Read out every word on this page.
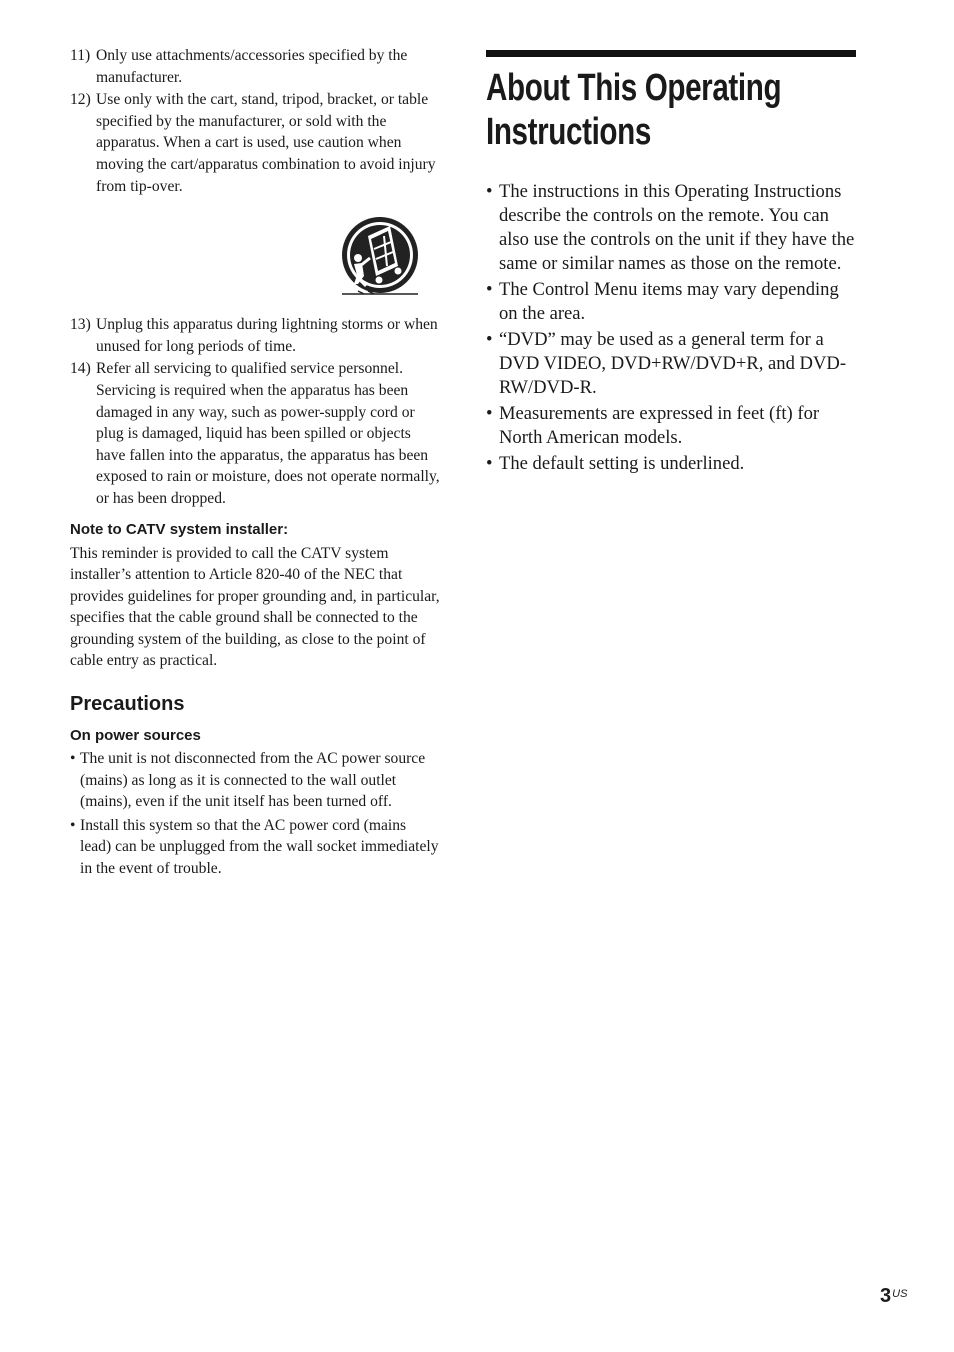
11) Only use attachments/accessories specified by the manufacturer.
12) Use only with the cart, stand, tripod, bracket, or table specified by the manufacturer, or sold with the apparatus. When a cart is used, use caution when moving the cart/apparatus combination to avoid injury from tip-over.
13) Unplug this apparatus during lightning storms or when unused for long periods of time.
14) Refer all servicing to qualified service personnel. Servicing is required when the apparatus has been damaged in any way, such as power-supply cord or plug is damaged, liquid has been spilled or objects have fallen into the apparatus, the apparatus has been exposed to rain or moisture, does not operate normally, or has been dropped.
Note to CATV system installer:

This reminder is provided to call the CATV system installer’s attention to Article 820-40 of the NEC that provides guidelines for proper grounding and, in particular, specifies that the cable ground shall be connected to the grounding system of the building, as close to the point of cable entry as practical.

Precautions
On power sources
• The unit is not disconnected from the AC power source (mains) as long as it is connected to the wall outlet (mains), even if the unit itself has been turned off.
• Install this system so that the AC power cord (mains lead) can be unplugged from the wall socket immediately in the event of trouble.
About This Operating
Instructions
• The instructions in this Operating Instructions describe the controls on the remote. You can also use the controls on the unit if they have the same or similar names as those on the remote.
• The Control Menu items may vary depending on the area.
• “DVD” may be used as a general term for a DVD VIDEO, DVD+RW/DVD+R, and DVD-RW/DVD-R.
• Measurements are expressed in feet (ft) for North American models.
• The default setting is underlined.
$3^{US}$
